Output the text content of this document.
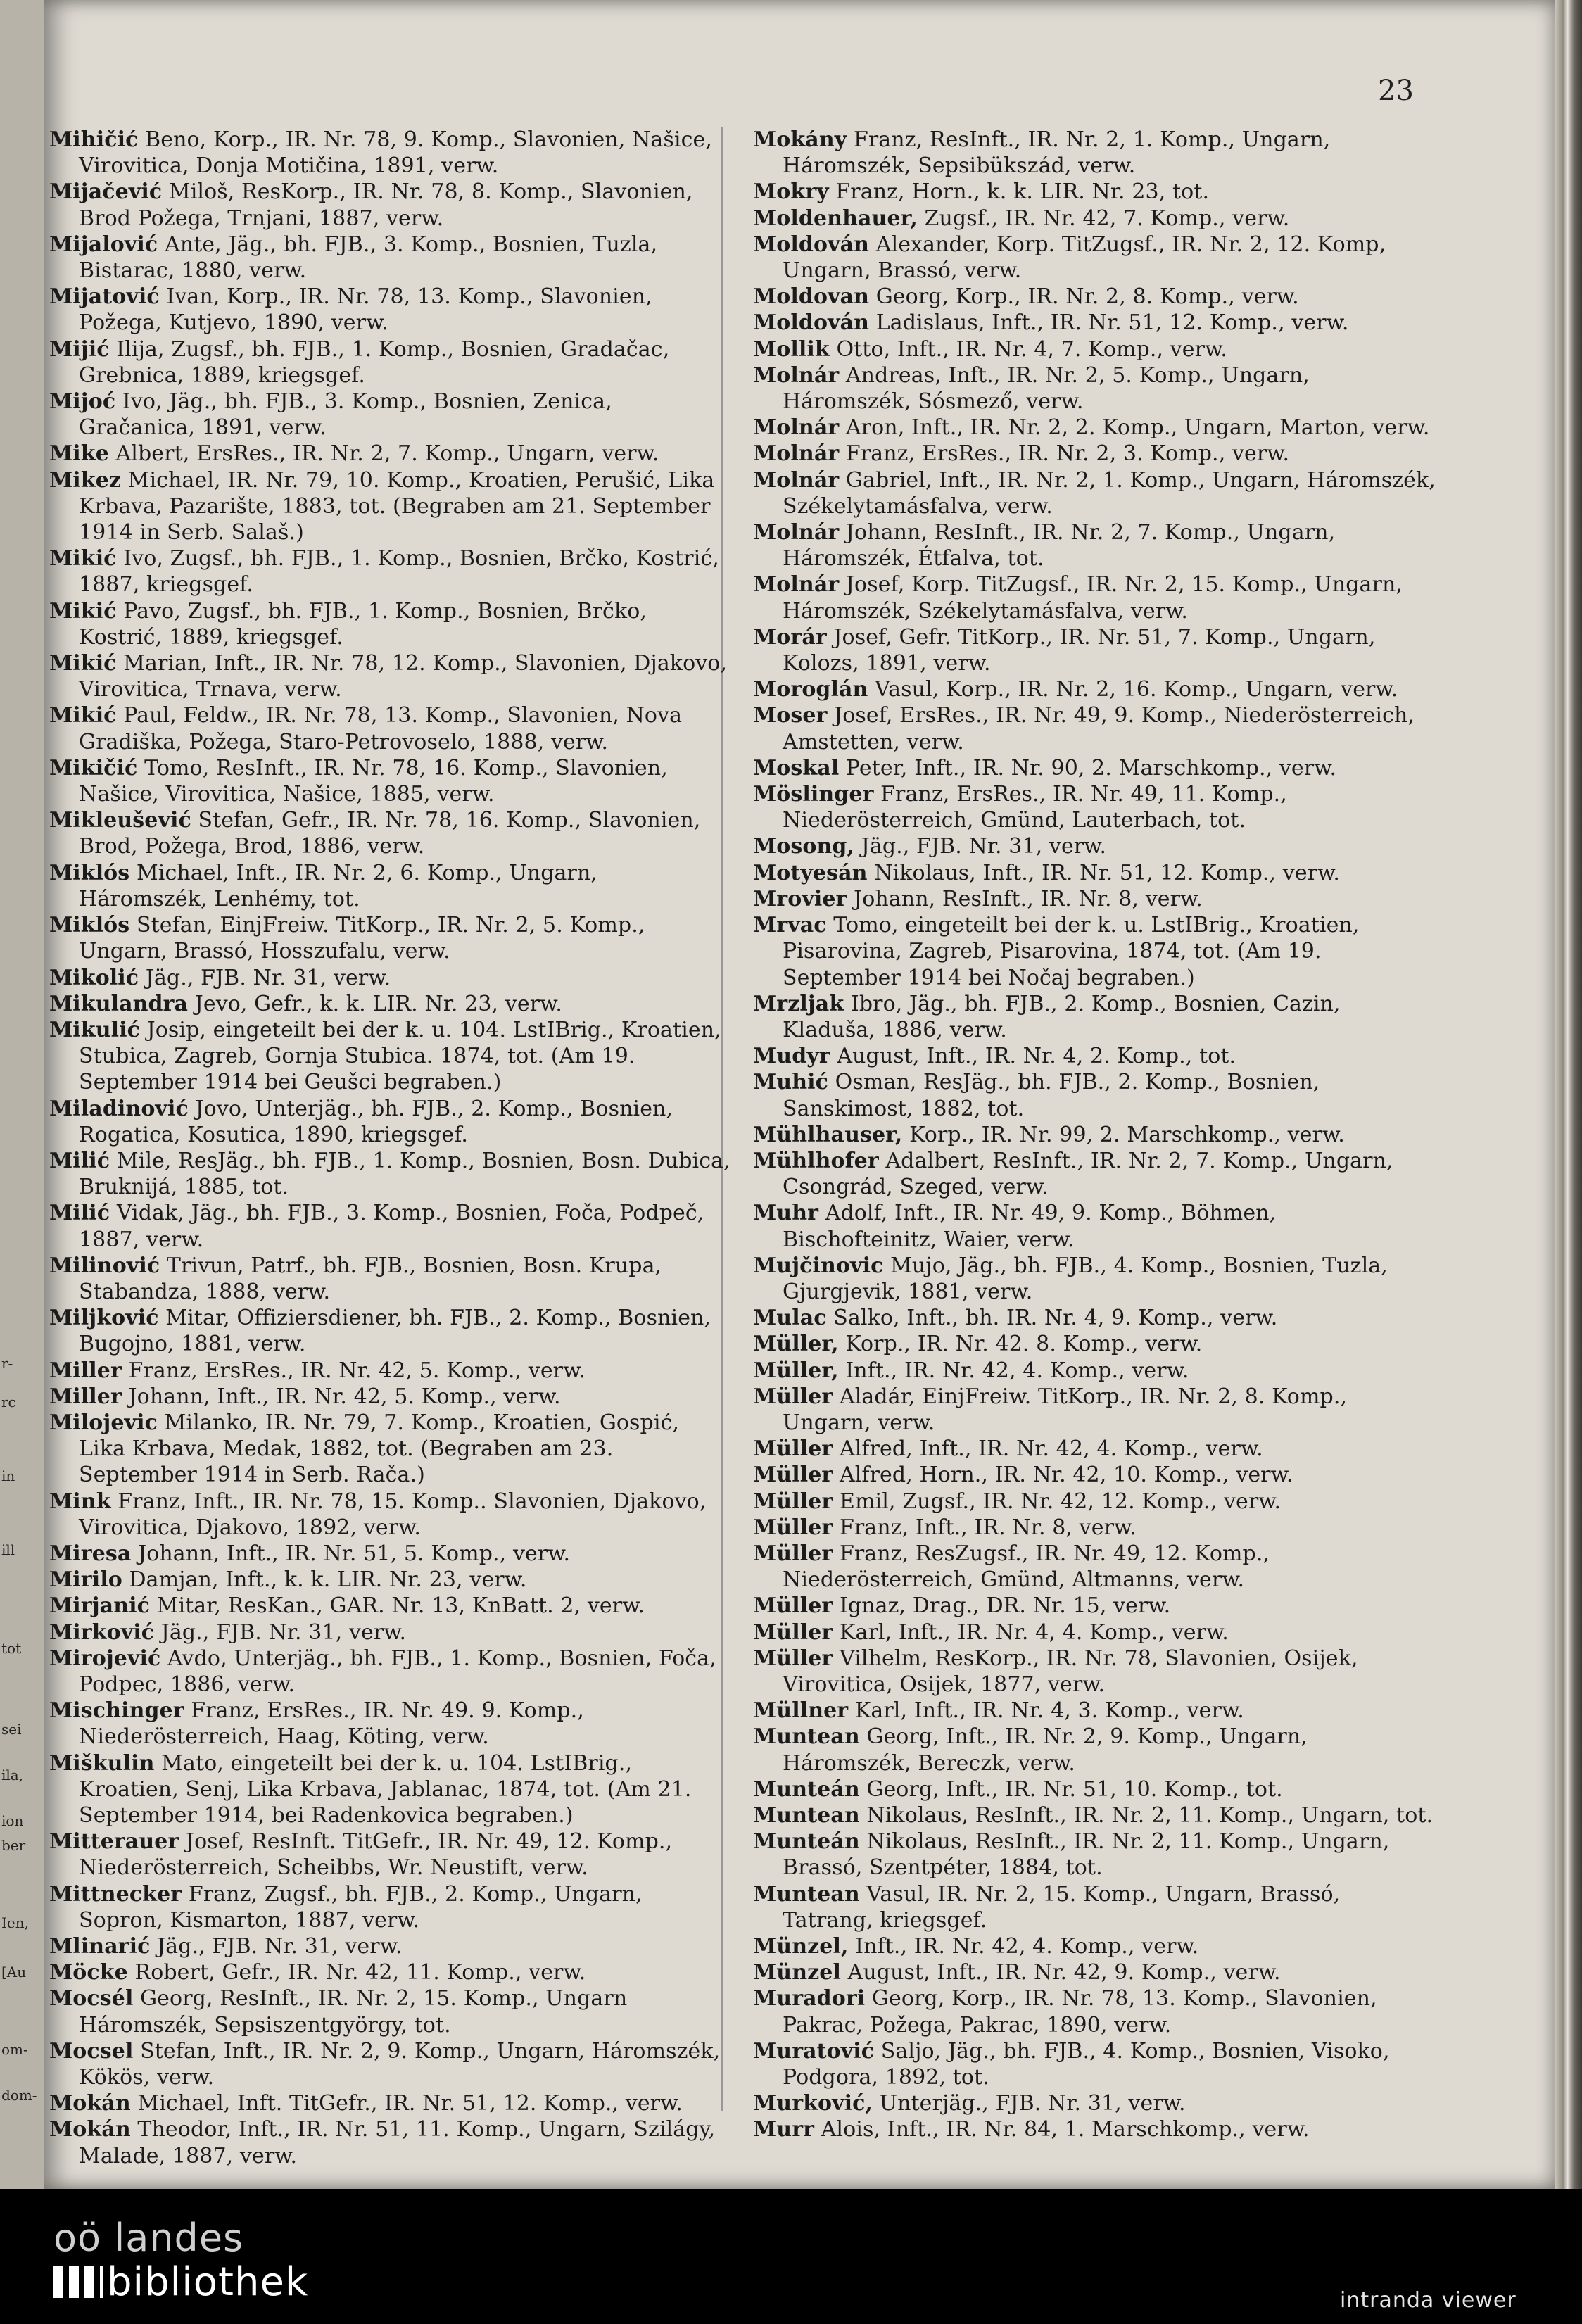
r-
rc
in
ill
tot
sei
ila,
ion
ber
Ien,
[Au
om-
dom-
23

Mihičić Beno, Korp., IR. Nr. 78, 9. Komp., Slavonien, Našice, Virovitica, Donja Motičina, 1891, verw.

Mijačević Miloš, ResKorp., IR. Nr. 78, 8. Komp., Slavonien, Brod Požega, Trnjani, 1887, verw.

Mijalović Ante, Jäg., bh. FJB., 3. Komp., Bosnien, Tuzla, Bistarac, 1880, verw.

Mijatović Ivan, Korp., IR. Nr. 78, 13. Komp., Slavonien, Požega, Kutjevo, 1890, verw.

Mijić Ilija, Zugsf., bh. FJB., 1. Komp., Bosnien, Gradačac, Grebnica, 1889, kriegsgef.

Mijoć Ivo, Jäg., bh. FJB., 3. Komp., Bosnien, Zenica, Gračanica, 1891, verw.

Mike Albert, ErsRes., IR. Nr. 2, 7. Komp., Ungarn, verw.

Mikez Michael, IR. Nr. 79, 10. Komp., Kroatien, Perušić, Lika Krbava, Pazarište, 1883, tot. (Begraben am 21. September 1914 in Serb. Salaš.)

Mikić Ivo, Zugsf., bh. FJB., 1. Komp., Bosnien, Brčko, Kostrić, 1887, kriegsgef.

Mikić Pavo, Zugsf., bh. FJB., 1. Komp., Bosnien, Brčko, Kostrić, 1889, kriegsgef.

Mikić Marian, Inft., IR. Nr. 78, 12. Komp., Slavonien, Djakovo, Virovitica, Trnava, verw.

Mikić Paul, Feldw., IR. Nr. 78, 13. Komp., Slavonien, Nova Gradiška, Požega, Staro-Petrovoselo, 1888, verw.

Mikičić Tomo, ResInft., IR. Nr. 78, 16. Komp., Slavonien, Našice, Virovitica, Našice, 1885, verw.

Mikleušević Stefan, Gefr., IR. Nr. 78, 16. Komp., Slavonien, Brod, Požega, Brod, 1886, verw.

Miklós Michael, Inft., IR. Nr. 2, 6. Komp., Ungarn, Háromszék, Lenhémy, tot.

Miklós Stefan, EinjFreiw. TitKorp., IR. Nr. 2, 5. Komp., Ungarn, Brassó, Hosszufalu, verw.

Mikolić Jäg., FJB. Nr. 31, verw.

Mikulandra Jevo, Gefr., k. k. LIR. Nr. 23, verw.

Mikulić Josip, eingeteilt bei der k. u. 104. LstIBrig., Kroatien, Stubica, Zagreb, Gornja Stubica. 1874, tot. (Am 19. September 1914 bei Geušci begraben.)

Miladinović Jovo, Unterjäg., bh. FJB., 2. Komp., Bosnien, Rogatica, Kosutica, 1890, kriegsgef.

Milić Mile, ResJäg., bh. FJB., 1. Komp., Bosnien, Bosn. Dubica, Bruknijá, 1885, tot.

Milić Vidak, Jäg., bh. FJB., 3. Komp., Bosnien, Foča, Podpeč, 1887, verw.

Milinović Trivun, Patrf., bh. FJB., Bosnien, Bosn. Krupa, Stabandza, 1888, verw.

Miljković Mitar, Offiziersdiener, bh. FJB., 2. Komp., Bosnien, Bugojno, 1881, verw.

Miller Franz, ErsRes., IR. Nr. 42, 5. Komp., verw.

Miller Johann, Inft., IR. Nr. 42, 5. Komp., verw.

Milojevic Milanko, IR. Nr. 79, 7. Komp., Kroatien, Gospić, Lika Krbava, Medak, 1882, tot. (Begraben am 23. September 1914 in Serb. Rača.)

Mink Franz, Inft., IR. Nr. 78, 15. Komp.. Slavonien, Djakovo, Virovitica, Djakovo, 1892, verw.

Miresa Johann, Inft., IR. Nr. 51, 5. Komp., verw.

Mirilo Damjan, Inft., k. k. LIR. Nr. 23, verw.

Mirjanić Mitar, ResKan., GAR. Nr. 13, KnBatt. 2, verw.

Mirković Jäg., FJB. Nr. 31, verw.

Mirojević Avdo, Unterjäg., bh. FJB., 1. Komp., Bosnien, Foča, Podpec, 1886, verw.

Mischinger Franz, ErsRes., IR. Nr. 49. 9. Komp., Niederösterreich, Haag, Köting, verw.

Miškulin Mato, eingeteilt bei der k. u. 104. LstIBrig., Kroatien, Senj, Lika Krbava, Jablanac, 1874, tot. (Am 21. September 1914, bei Radenkovica begraben.)

Mitterauer Josef, ResInft. TitGefr., IR. Nr. 49, 12. Komp., Niederösterreich, Scheibbs, Wr. Neustift, verw.

Mittnecker Franz, Zugsf., bh. FJB., 2. Komp., Ungarn, Sopron, Kismarton, 1887, verw.

Mlinarić Jäg., FJB. Nr. 31, verw.

Möcke Robert, Gefr., IR. Nr. 42, 11. Komp., verw.

Mocsél Georg, ResInft., IR. Nr. 2, 15. Komp., Ungarn Háromszék, Sepsiszentgyörgy, tot.

Mocsel Stefan, Inft., IR. Nr. 2, 9. Komp., Ungarn, Háromszék, Kökös, verw.

Mokán Michael, Inft. TitGefr., IR. Nr. 51, 12. Komp., verw.

Mokán Theodor, Inft., IR. Nr. 51, 11. Komp., Ungarn, Szilágy, Malade, 1887, verw.

Mokány Franz, ResInft., IR. Nr. 2, 1. Komp., Ungarn, Háromszék, Sepsibükszád, verw.

Mokry Franz, Horn., k. k. LIR. Nr. 23, tot.

Moldenhauer, Zugsf., IR. Nr. 42, 7. Komp., verw.

Moldován Alexander, Korp. TitZugsf., IR. Nr. 2, 12. Komp, Ungarn, Brassó, verw.

Moldovan Georg, Korp., IR. Nr. 2, 8. Komp., verw.

Moldován Ladislaus, Inft., IR. Nr. 51, 12. Komp., verw.

Mollik Otto, Inft., IR. Nr. 4, 7. Komp., verw.

Molnár Andreas, Inft., IR. Nr. 2, 5. Komp., Ungarn, Háromszék, Sósmező, verw.

Molnár Aron, Inft., IR. Nr. 2, 2. Komp., Ungarn, Marton, verw.

Molnár Franz, ErsRes., IR. Nr. 2, 3. Komp., verw.

Molnár Gabriel, Inft., IR. Nr. 2, 1. Komp., Ungarn, Háromszék, Székelytamásfalva, verw.

Molnár Johann, ResInft., IR. Nr. 2, 7. Komp., Ungarn, Háromszék, Étfalva, tot.

Molnár Josef, Korp. TitZugsf., IR. Nr. 2, 15. Komp., Ungarn, Háromszék, Székelytamásfalva, verw.

Morár Josef, Gefr. TitKorp., IR. Nr. 51, 7. Komp., Ungarn, Kolozs, 1891, verw.

Moroglán Vasul, Korp., IR. Nr. 2, 16. Komp., Ungarn, verw.

Moser Josef, ErsRes., IR. Nr. 49, 9. Komp., Niederösterreich, Amstetten, verw.

Moskal Peter, Inft., IR. Nr. 90, 2. Marschkomp., verw.

Möslinger Franz, ErsRes., IR. Nr. 49, 11. Komp., Niederösterreich, Gmünd, Lauterbach, tot.

Mosong, Jäg., FJB. Nr. 31, verw.

Motyesán Nikolaus, Inft., IR. Nr. 51, 12. Komp., verw.

Mrovier Johann, ResInft., IR. Nr. 8, verw.

Mrvac Tomo, eingeteilt bei der k. u. LstIBrig., Kroatien, Pisarovina, Zagreb, Pisarovina, 1874, tot. (Am 19. September 1914 bei Nočaj begraben.)

Mrzljak Ibro, Jäg., bh. FJB., 2. Komp., Bosnien, Cazin, Kladuša, 1886, verw.

Mudyr August, Inft., IR. Nr. 4, 2. Komp., tot.

Muhić Osman, ResJäg., bh. FJB., 2. Komp., Bosnien, Sanskimost, 1882, tot.

Mühlhauser, Korp., IR. Nr. 99, 2. Marschkomp., verw.

Mühlhofer Adalbert, ResInft., IR. Nr. 2, 7. Komp., Ungarn, Csongrád, Szeged, verw.

Muhr Adolf, Inft., IR. Nr. 49, 9. Komp., Böhmen, Bischofteinitz, Waier, verw.

Mujčinovic Mujo, Jäg., bh. FJB., 4. Komp., Bosnien, Tuzla, Gjurgjevik, 1881, verw.

Mulac Salko, Inft., bh. IR. Nr. 4, 9. Komp., verw.

Müller, Korp., IR. Nr. 42. 8. Komp., verw.

Müller, Inft., IR. Nr. 42, 4. Komp., verw.

Müller Aladár, EinjFreiw. TitKorp., IR. Nr. 2, 8. Komp., Ungarn, verw.

Müller Alfred, Inft., IR. Nr. 42, 4. Komp., verw.

Müller Alfred, Horn., IR. Nr. 42, 10. Komp., verw.

Müller Emil, Zugsf., IR. Nr. 42, 12. Komp., verw.

Müller Franz, Inft., IR. Nr. 8, verw.

Müller Franz, ResZugsf., IR. Nr. 49, 12. Komp., Niederösterreich, Gmünd, Altmanns, verw.

Müller Ignaz, Drag., DR. Nr. 15, verw.

Müller Karl, Inft., IR. Nr. 4, 4. Komp., verw.

Müller Vilhelm, ResKorp., IR. Nr. 78, Slavonien, Osijek, Virovitica, Osijek, 1877, verw.

Müllner Karl, Inft., IR. Nr. 4, 3. Komp., verw.

Muntean Georg, Inft., IR. Nr. 2, 9. Komp., Ungarn, Háromszék, Bereczk, verw.

Munteán Georg, Inft., IR. Nr. 51, 10. Komp., tot.

Muntean Nikolaus, ResInft., IR. Nr. 2, 11. Komp., Ungarn, tot.

Munteán Nikolaus, ResInft., IR. Nr. 2, 11. Komp., Ungarn, Brassó, Szentpéter, 1884, tot.

Muntean Vasul, IR. Nr. 2, 15. Komp., Ungarn, Brassó, Tatrang, kriegsgef.

Münzel, Inft., IR. Nr. 42, 4. Komp., verw.

Münzel August, Inft., IR. Nr. 42, 9. Komp., verw.

Muradori Georg, Korp., IR. Nr. 78, 13. Komp., Slavonien, Pakrac, Požega, Pakrac, 1890, verw.

Muratović Saljo, Jäg., bh. FJB., 4. Komp., Bosnien, Visoko, Podgora, 1892, tot.

Murković, Unterjäg., FJB. Nr. 31, verw.

Murr Alois, Inft., IR. Nr. 84, 1. Marschkomp., verw.

oö landes
bibliothek	intranda viewer
